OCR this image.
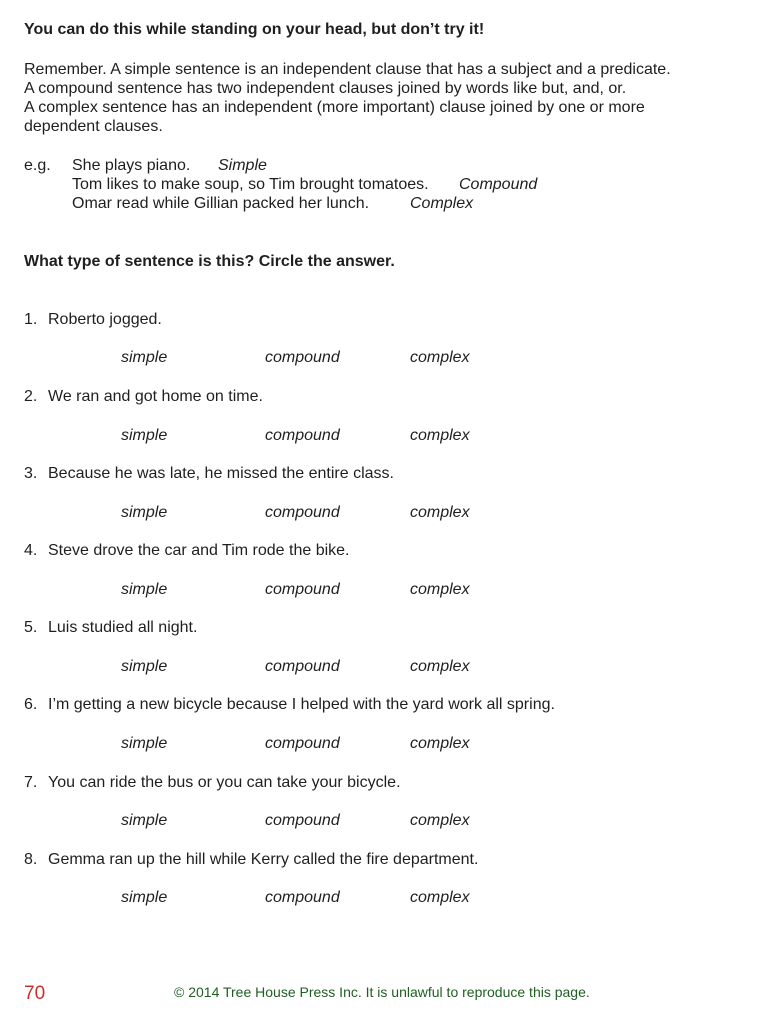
You can do this while standing on your head, but don’t try it!
Remember. A simple sentence is an independent clause that has a subject and a predicate.
A compound sentence has two independent clauses joined by words like but, and, or.
A complex sentence has an independent (more important) clause joined by one or more
dependent clauses.
e.g. She plays piano. Simple
Tom likes to make soup, so Tim brought tomatoes. Compound
Omar read while Gillian packed her lunch.	Complex
What type of sentence is this? Circle the answer.
1. Roberto jogged.
simple	compound	complex
2. We ran and got home on time.
simple	compound	complex
3. Because he was late, he missed the entire class.
simple	compound	complex
4. Steve drove the car and Tim rode the bike.
simple	compound	complex
5. Luis studied all night.
simple	compound	complex
6. I’m getting a new bicycle because I helped with the yard work all spring.
simple	compound	complex
7. You can ride the bus or you can take your bicycle.
simple	compound	complex
8. Gemma ran up the hill while Kerry called the fire department.
simple	compound	complex
70	© 2014 Tree House Press Inc. It is unlawful to reproduce this page.
